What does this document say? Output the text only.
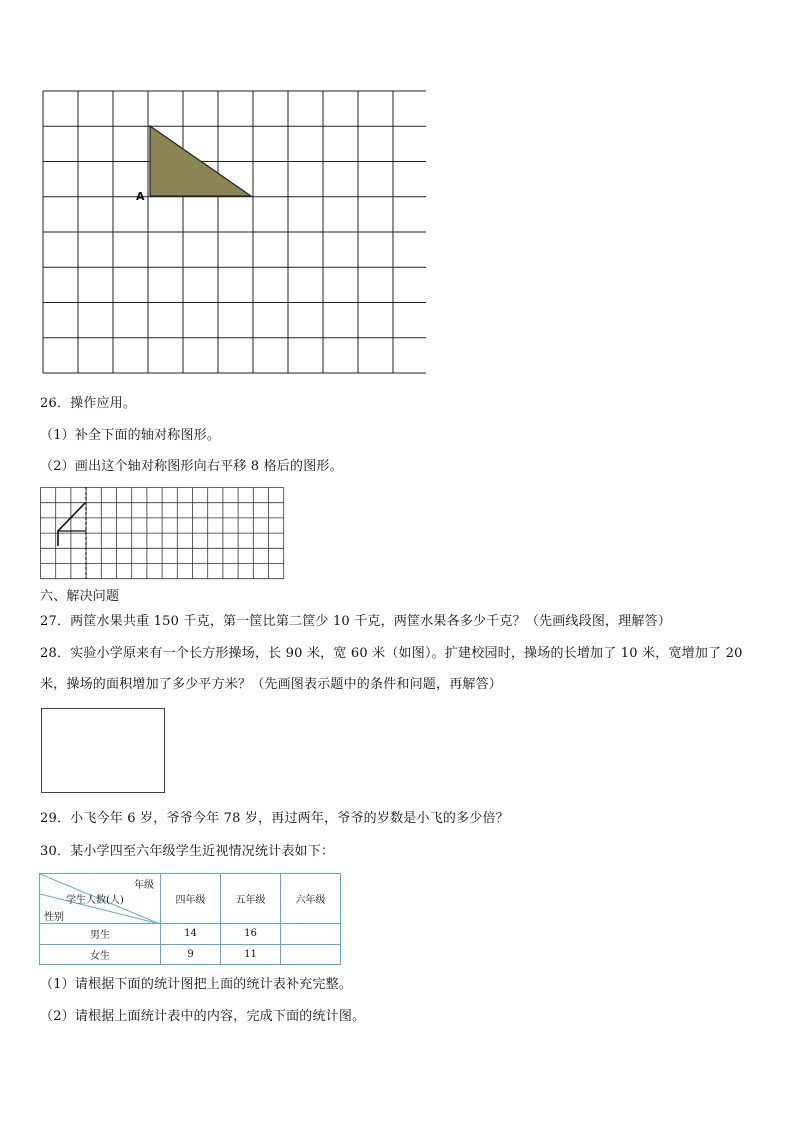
A
26．操作应用。
（1）补全下面的轴对称图形。
（2）画出这个轴对称图形向右平移 8 格后的图形。
六、解决问题
27．两筐水果共重 150 千克，第一筐比第二筐少 10 千克，两筐水果各多少千克？（先画线段图，理解答）
28．实验小学原来有一个长方形操场，长 90 米，宽 60 米（如图）。扩建校园时，操场的长增加了 10 米，宽增加了 20
米，操场的面积增加了多少平方米？（先画图表示题中的条件和问题，再解答）
29．小飞今年 6 岁，爷爷今年 78 岁，再过两年，爷爷的岁数是小飞的多少倍？
30．某小学四至六年级学生近视情况统计表如下：
年级
学生人数(人)
性别	四年级	五年级	六年级
男生	14	16	
女生	9	11	
（1）请根据下面的统计图把上面的统计表补充完整。
（2）请根据上面统计表中的内容，完成下面的统计图。
